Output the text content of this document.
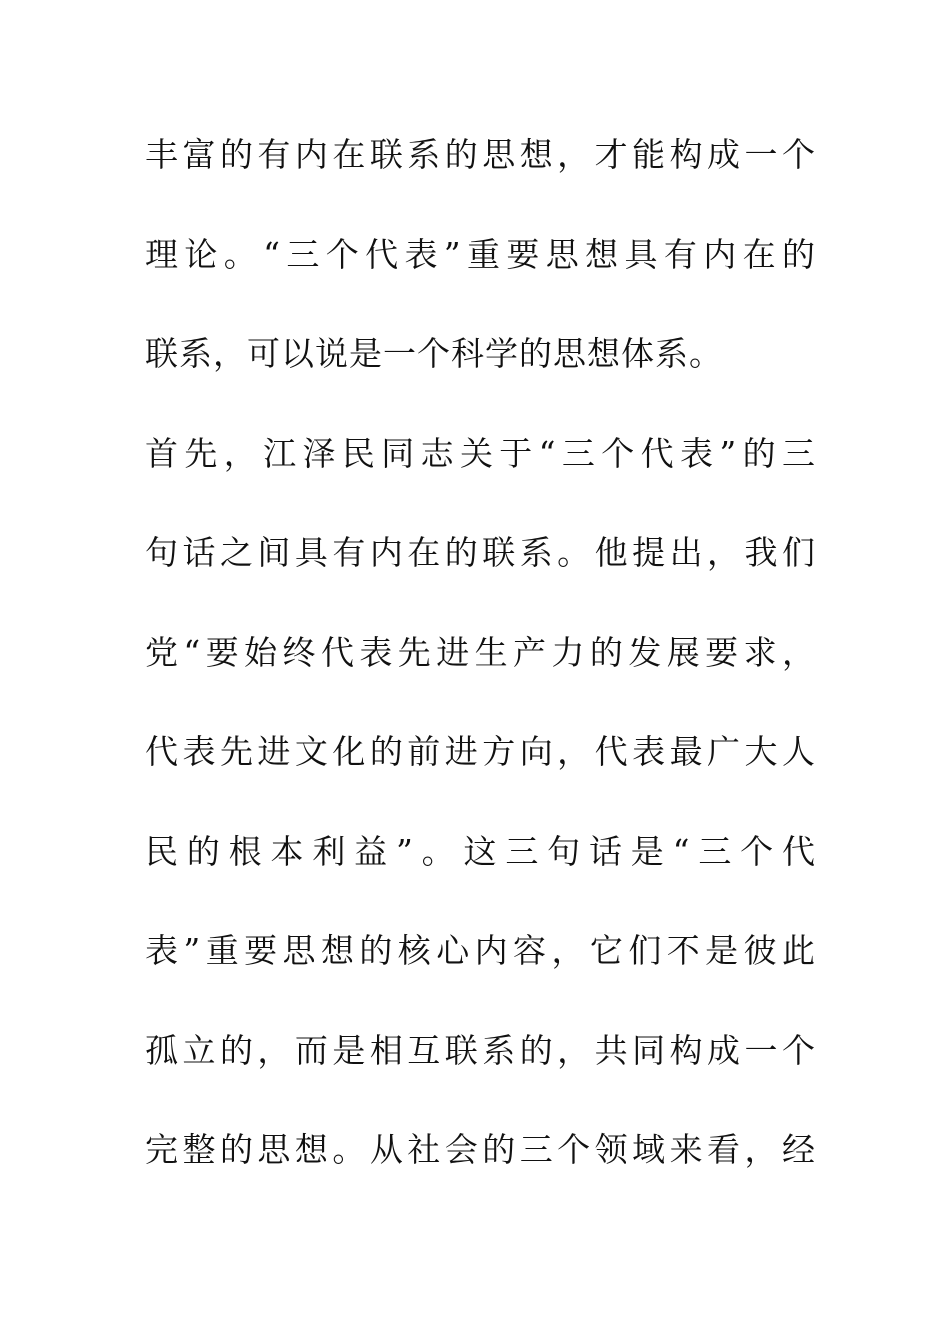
丰富的有内在联系的思想，才能构成一个
理论。“三个代表”重要思想具有内在的
联系，可以说是一个科学的思想体系。
首先，江泽民同志关于“三个代表”的三
句话之间具有内在的联系。他提出，我们
党“要始终代表先进生产力的发展要求，
代表先进文化的前进方向，代表最广大人
民的根本利益”。这三句话是“三个代
表”重要思想的核心内容，它们不是彼此
孤立的，而是相互联系的，共同构成一个
完整的思想。从社会的三个领域来看，经
